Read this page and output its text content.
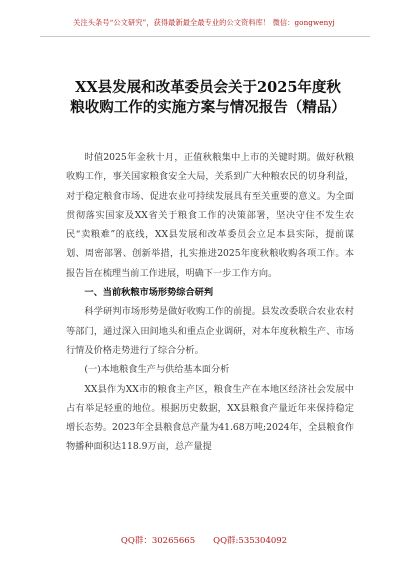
关注头条号“公文研究”，获得最新最全最专业的公文资料库！ 微信：gongwenyj
XX县发展和改革委员会关于2025年度秋
粮收购工作的实施方案与情况报告（精品）

时值2025年金秋十月，正值秋粮集中上市的关键时期。做好秋粮收购工作，事关国家粮食安全大局，关系到广大种粮农民的切身利益，对于稳定粮食市场、促进农业可持续发展具有至关重要的意义。为全面贯彻落实国家及XX省关于粮食工作的决策部署，坚决守住不发生农民“卖粮难”的底线，XX县发展和改革委员会立足本县实际，提前谋划、周密部署、创新举措，扎实推进2025年度秋粮收购各项工作。本报告旨在梳理当前工作进展，明确下一步工作方向。

一、当前秋粮市场形势综合研判

科学研判市场形势是做好收购工作的前提。县发改委联合农业农村等部门，通过深入田间地头和重点企业调研，对本年度秋粮生产、市场行情及价格走势进行了综合分析。

(一)本地粮食生产与供给基本面分析

XX县作为XX市的粮食主产区，粮食生产在本地区经济社会发展中占有举足轻重的地位。根据历史数据，XX县粮食产量近年来保持稳定增长态势。2023年全县粮食总产量为41.68万吨;2024年，全县粮食作物播种面积达118.9万亩，总产量提

QQ群：30265665 QQ群:535304092
